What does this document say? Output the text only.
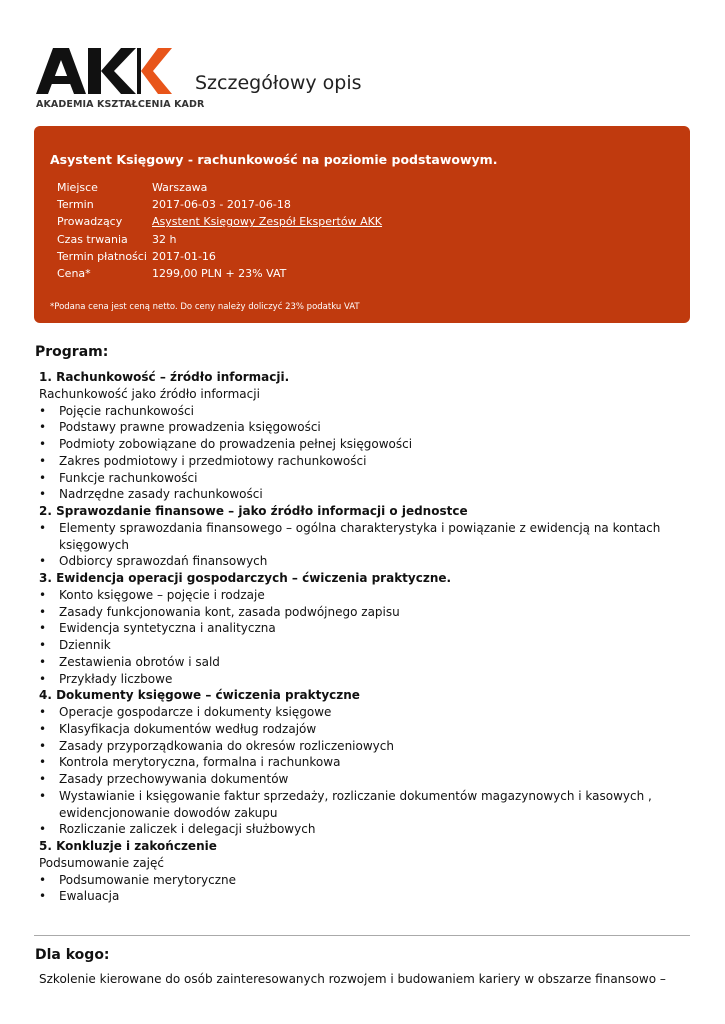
AKADEMIA KSZTAŁCENIA KADR
Szczegółowy opis
Asystent Księgowy - rachunkowość na poziomie podstawowym.
Miejsce	Warszawa
Termin	2017-06-03 - 2017-06-18
Prowadzący	Asystent Księgowy Zespół Ekspertów AKK
Czas trwania	32 h
Termin płatności 2017-01-16
Cena*	1299,00 PLN + 23% VAT
*Podana cena jest ceną netto. Do ceny należy doliczyć 23% podatku VAT
Program:

1. Rachunkowość – źródło informacji.

Rachunkowość jako źródło informacji

• Pojęcie rachunkowości

• Podstawy prawne prowadzenia księgowości

• Podmioty zobowiązane do prowadzenia pełnej księgowości

• Zakres podmiotowy i przedmiotowy rachunkowości

• Funkcje rachunkowości

• Nadrzędne zasady rachunkowości

2. Sprawozdanie finansowe – jako źródło informacji o jednostce

• Elementy sprawozdania finansowego – ogólna charakterystyka i powiązanie z ewidencją na kontach księgowych

• Odbiorcy sprawozdań finansowych

3. Ewidencja operacji gospodarczych – ćwiczenia praktyczne.

• Konto księgowe – pojęcie i rodzaje

• Zasady funkcjonowania kont, zasada podwójnego zapisu

• Ewidencja syntetyczna i analityczna

• Dziennik

• Zestawienia obrotów i sald

• Przykłady liczbowe

4. Dokumenty księgowe – ćwiczenia praktyczne

• Operacje gospodarcze i dokumenty księgowe

• Klasyfikacja dokumentów według rodzajów

• Zasady przyporządkowania do okresów rozliczeniowych

• Kontrola merytoryczna, formalna i rachunkowa

• Zasady przechowywania dokumentów

• Wystawianie i księgowanie faktur sprzedaży, rozliczanie dokumentów magazynowych i kasowych , ewidencjonowanie dowodów zakupu

• Rozliczanie zaliczek i delegacji służbowych

5. Konkluzje i zakończenie

Podsumowanie zajęć

• Podsumowanie merytoryczne

• Ewaluacja

Dla kogo:

Szkolenie kierowane do osób zainteresowanych rozwojem i budowaniem kariery w obszarze finansowo –
